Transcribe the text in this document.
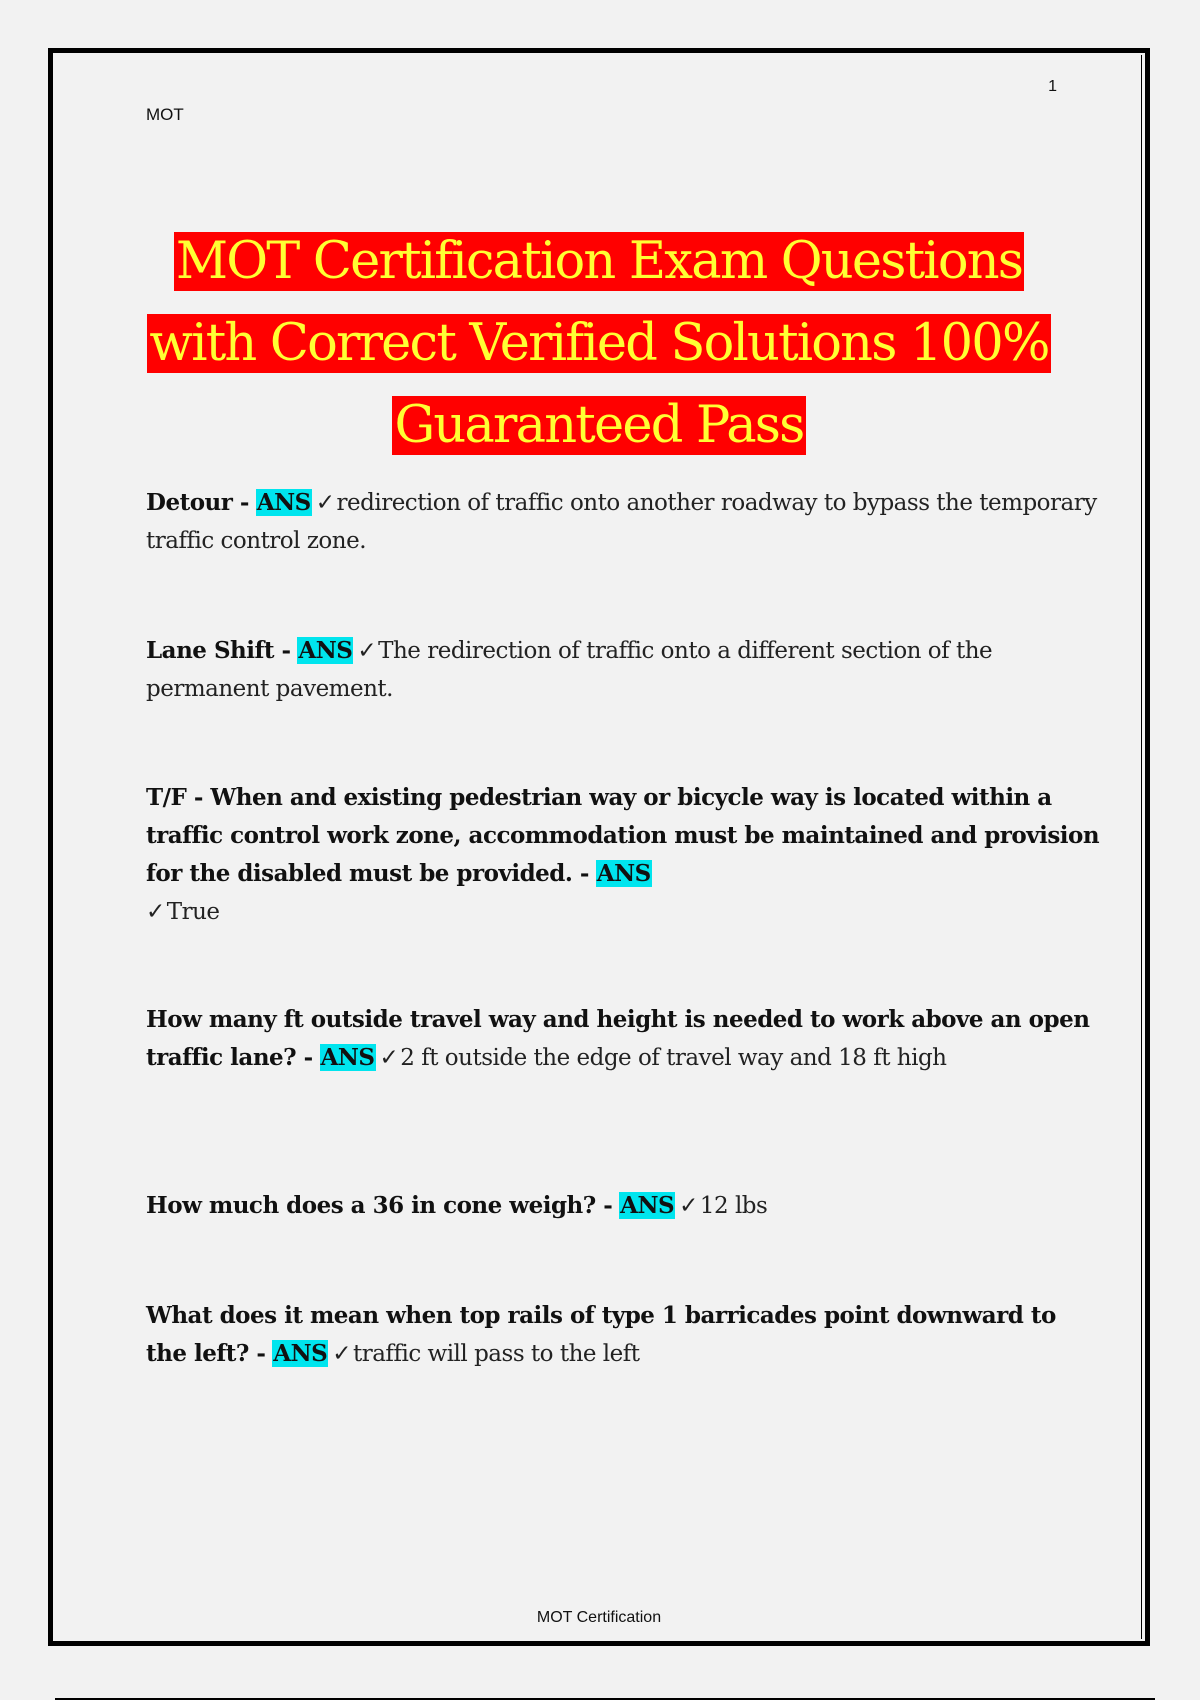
1
MOT
MOT Certification Exam Questions
with Correct Verified Solutions 100%
Guaranteed Pass
Detour - ANS ✓redirection of traffic onto another roadway to bypass the temporary traffic control zone.
Lane Shift - ANS ✓The redirection of traffic onto a different section of the permanent pavement.
T/F - When and existing pedestrian way or bicycle way is located within a traffic control work zone, accommodation must be maintained and provision for the disabled must be provided. - ANS
✓True
How many ft outside travel way and height is needed to work above an open traffic lane? - ANS ✓2 ft outside the edge of travel way and 18 ft high
How much does a 36 in cone weigh? - ANS ✓12 lbs
What does it mean when top rails of type 1 barricades point downward to the left? - ANS ✓traffic will pass to the left
MOT Certification
